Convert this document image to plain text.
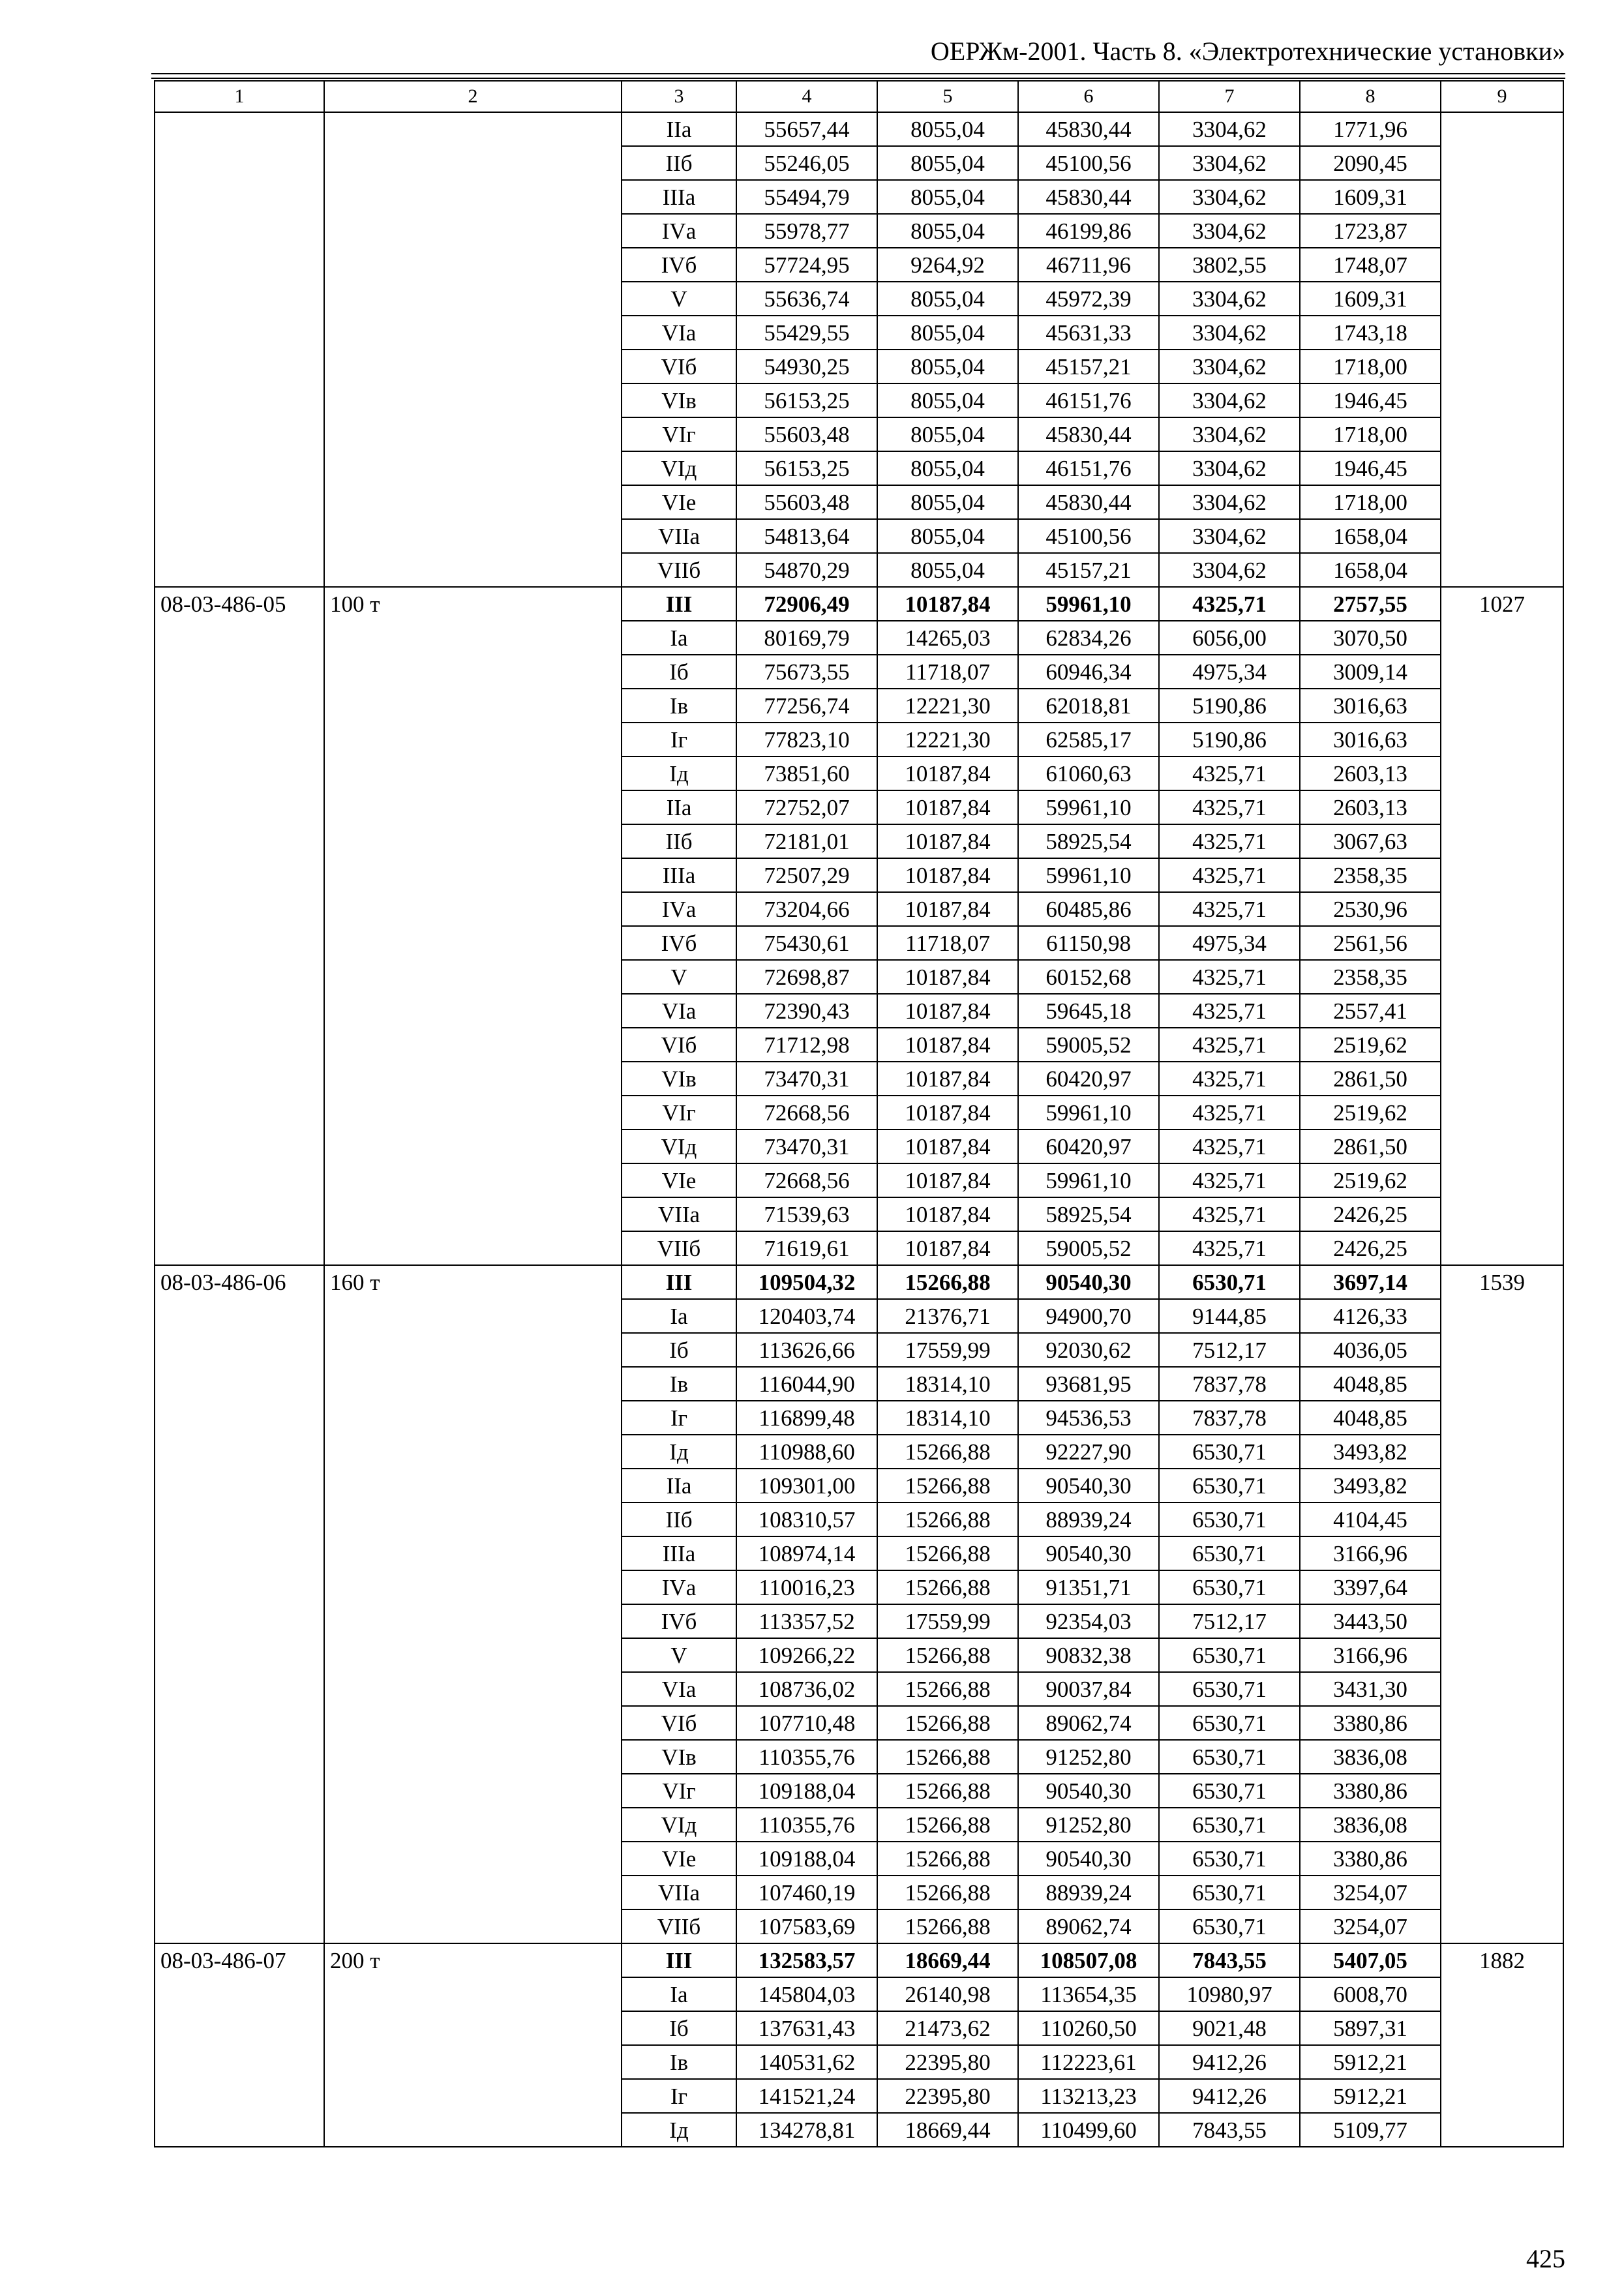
ОЕРЖм-2001. Часть 8. «Электротехнические установки»
1	2	3	4	5	6	7	8	9
		IIа	55657,44	8055,04	45830,44	3304,62	1771,96	
		IIб	55246,05	8055,04	45100,56	3304,62	2090,45	
		IIIа	55494,79	8055,04	45830,44	3304,62	1609,31	
		IVа	55978,77	8055,04	46199,86	3304,62	1723,87	
		IVб	57724,95	9264,92	46711,96	3802,55	1748,07	
		V	55636,74	8055,04	45972,39	3304,62	1609,31	
		VIа	55429,55	8055,04	45631,33	3304,62	1743,18	
		VIб	54930,25	8055,04	45157,21	3304,62	1718,00	
		VIв	56153,25	8055,04	46151,76	3304,62	1946,45	
		VIг	55603,48	8055,04	45830,44	3304,62	1718,00	
		VIд	56153,25	8055,04	46151,76	3304,62	1946,45	
		VIе	55603,48	8055,04	45830,44	3304,62	1718,00	
		VIIа	54813,64	8055,04	45100,56	3304,62	1658,04	
		VIIб	54870,29	8055,04	45157,21	3304,62	1658,04	
08-03-486-05	100 т	III	72906,49	10187,84	59961,10	4325,71	2757,55	1027
		Iа	80169,79	14265,03	62834,26	6056,00	3070,50	
		Iб	75673,55	11718,07	60946,34	4975,34	3009,14	
		Iв	77256,74	12221,30	62018,81	5190,86	3016,63	
		Iг	77823,10	12221,30	62585,17	5190,86	3016,63	
		Iд	73851,60	10187,84	61060,63	4325,71	2603,13	
		IIа	72752,07	10187,84	59961,10	4325,71	2603,13	
		IIб	72181,01	10187,84	58925,54	4325,71	3067,63	
		IIIа	72507,29	10187,84	59961,10	4325,71	2358,35	
		IVа	73204,66	10187,84	60485,86	4325,71	2530,96	
		IVб	75430,61	11718,07	61150,98	4975,34	2561,56	
		V	72698,87	10187,84	60152,68	4325,71	2358,35	
		VIа	72390,43	10187,84	59645,18	4325,71	2557,41	
		VIб	71712,98	10187,84	59005,52	4325,71	2519,62	
		VIв	73470,31	10187,84	60420,97	4325,71	2861,50	
		VIг	72668,56	10187,84	59961,10	4325,71	2519,62	
		VIд	73470,31	10187,84	60420,97	4325,71	2861,50	
		VIе	72668,56	10187,84	59961,10	4325,71	2519,62	
		VIIа	71539,63	10187,84	58925,54	4325,71	2426,25	
		VIIб	71619,61	10187,84	59005,52	4325,71	2426,25	
08-03-486-06	160 т	III	109504,32	15266,88	90540,30	6530,71	3697,14	1539
		Iа	120403,74	21376,71	94900,70	9144,85	4126,33	
		Iб	113626,66	17559,99	92030,62	7512,17	4036,05	
		Iв	116044,90	18314,10	93681,95	7837,78	4048,85	
		Iг	116899,48	18314,10	94536,53	7837,78	4048,85	
		Iд	110988,60	15266,88	92227,90	6530,71	3493,82	
		IIа	109301,00	15266,88	90540,30	6530,71	3493,82	
		IIб	108310,57	15266,88	88939,24	6530,71	4104,45	
		IIIа	108974,14	15266,88	90540,30	6530,71	3166,96	
		IVа	110016,23	15266,88	91351,71	6530,71	3397,64	
		IVб	113357,52	17559,99	92354,03	7512,17	3443,50	
		V	109266,22	15266,88	90832,38	6530,71	3166,96	
		VIа	108736,02	15266,88	90037,84	6530,71	3431,30	
		VIб	107710,48	15266,88	89062,74	6530,71	3380,86	
		VIв	110355,76	15266,88	91252,80	6530,71	3836,08	
		VIг	109188,04	15266,88	90540,30	6530,71	3380,86	
		VIд	110355,76	15266,88	91252,80	6530,71	3836,08	
		VIе	109188,04	15266,88	90540,30	6530,71	3380,86	
		VIIа	107460,19	15266,88	88939,24	6530,71	3254,07	
		VIIб	107583,69	15266,88	89062,74	6530,71	3254,07	
08-03-486-07	200 т	III	132583,57	18669,44	108507,08	7843,55	5407,05	1882
		Iа	145804,03	26140,98	113654,35	10980,97	6008,70	
		Iб	137631,43	21473,62	110260,50	9021,48	5897,31	
		Iв	140531,62	22395,80	112223,61	9412,26	5912,21	
		Iг	141521,24	22395,80	113213,23	9412,26	5912,21	
		Iд	134278,81	18669,44	110499,60	7843,55	5109,77	
425
